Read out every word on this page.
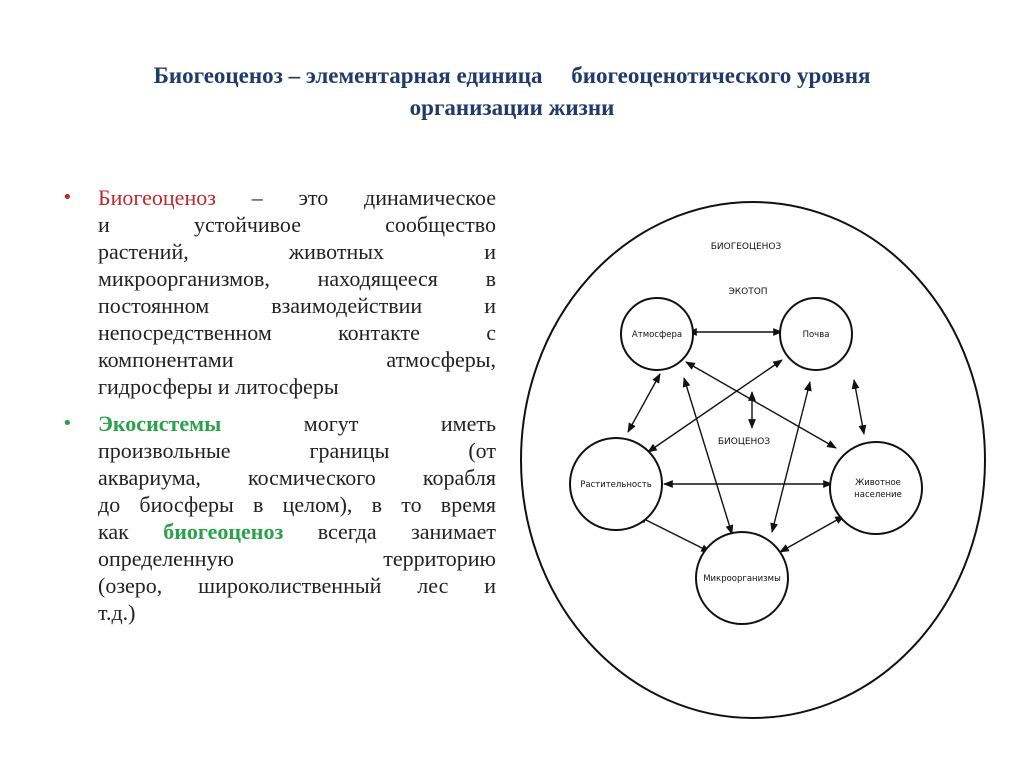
Биогеоценоз – элементарная единица     биогеоценотического уровня
организации жизни
•	Биогеоценоз – это динамическое
и устойчивое сообщество
растений, животных и
микроорганизмов, находящееся в
постоянном взаимодействии и
непосредственном контакте с
компонентами атмосферы,
гидросферы и литосферы
•	Экосистемы могут иметь
произвольные границы (от
аквариума, космического корабля
до биосферы в целом), в то время
как биогеоценоз всегда занимает
определенную территорию
(озеро, широколиственный лес и
т.д.)
БИОГЕОЦЕНОЗ
ЭКОТОП
БИОЦЕНОЗ
Атмосфера	Почва
Растительность	Животное
население
Микроорганизмы
